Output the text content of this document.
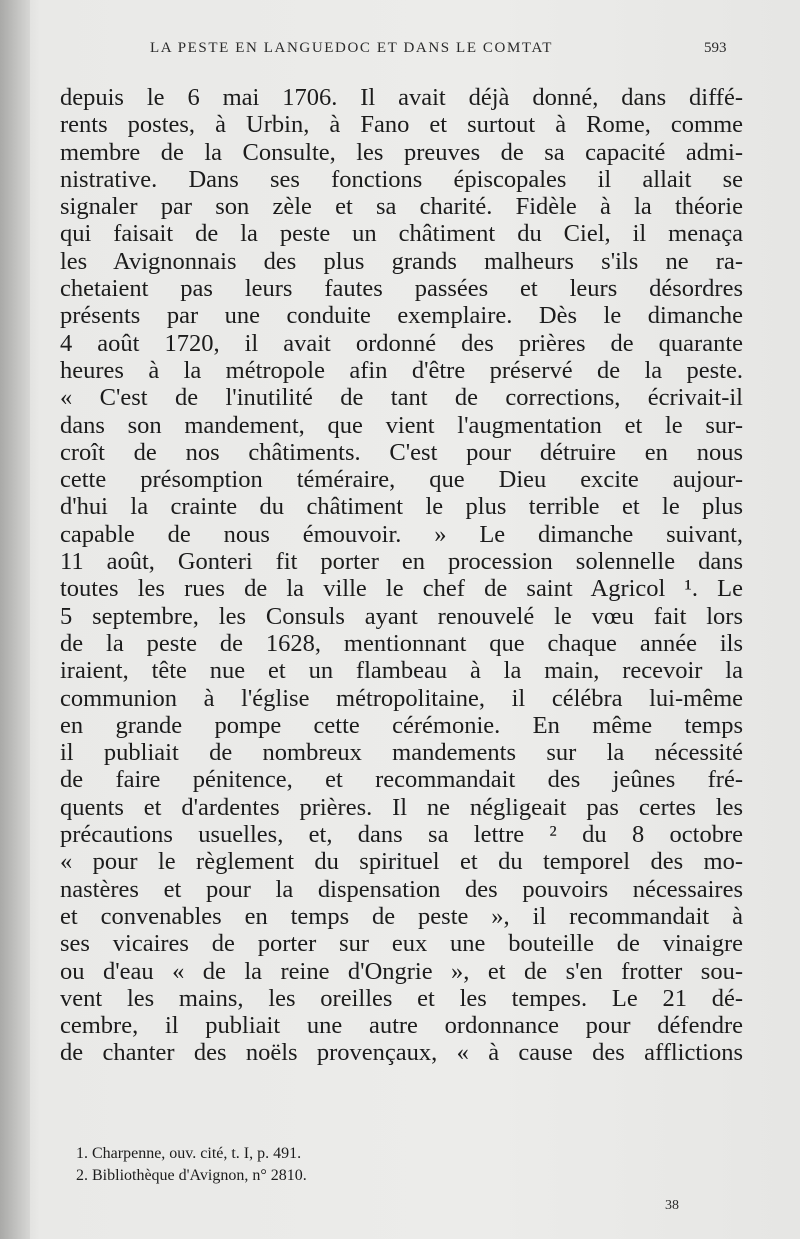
LA PESTE EN LANGUEDOC ET DANS LE COMTAT	593
depuis le 6 mai 1706. Il avait déjà donné, dans diffé-
rents postes, à Urbin, à Fano et surtout à Rome, comme
membre de la Consulte, les preuves de sa capacité admi-
nistrative. Dans ses fonctions épiscopales il allait se
signaler par son zèle et sa charité. Fidèle à la théorie
qui faisait de la peste un châtiment du Ciel, il menaça
les Avignonnais des plus grands malheurs s'ils ne ra-
chetaient pas leurs fautes passées et leurs désordres
présents par une conduite exemplaire. Dès le dimanche
4 août 1720, il avait ordonné des prières de quarante
heures à la métropole afin d'être préservé de la peste.
« C'est de l'inutilité de tant de corrections, écrivait-il
dans son mandement, que vient l'augmentation et le sur-
croît de nos châtiments. C'est pour détruire en nous
cette présomption téméraire, que Dieu excite aujour-
d'hui la crainte du châtiment le plus terrible et le plus
capable de nous émouvoir. » Le dimanche suivant,
11 août, Gonteri fit porter en procession solennelle dans
toutes les rues de la ville le chef de saint Agricol ¹. Le
5 septembre, les Consuls ayant renouvelé le vœu fait lors
de la peste de 1628, mentionnant que chaque année ils
iraient, tête nue et un flambeau à la main, recevoir la
communion à l'église métropolitaine, il célébra lui-même
en grande pompe cette cérémonie. En même temps
il publiait de nombreux mandements sur la nécessité
de faire pénitence, et recommandait des jeûnes fré-
quents et d'ardentes prières. Il ne négligeait pas certes les
précautions usuelles, et, dans sa lettre ² du 8 octobre
« pour le règlement du spirituel et du temporel des mo-
nastères et pour la dispensation des pouvoirs nécessaires
et convenables en temps de peste », il recommandait à
ses vicaires de porter sur eux une bouteille de vinaigre
ou d'eau « de la reine d'Ongrie », et de s'en frotter sou-
vent les mains, les oreilles et les tempes. Le 21 dé-
cembre, il publiait une autre ordonnance pour défendre
de chanter des noëls provençaux, « à cause des afflictions
1. Charpenne, ouv. cité, t. I, p. 491.
2. Bibliothèque d'Avignon, n° 2810.
38
